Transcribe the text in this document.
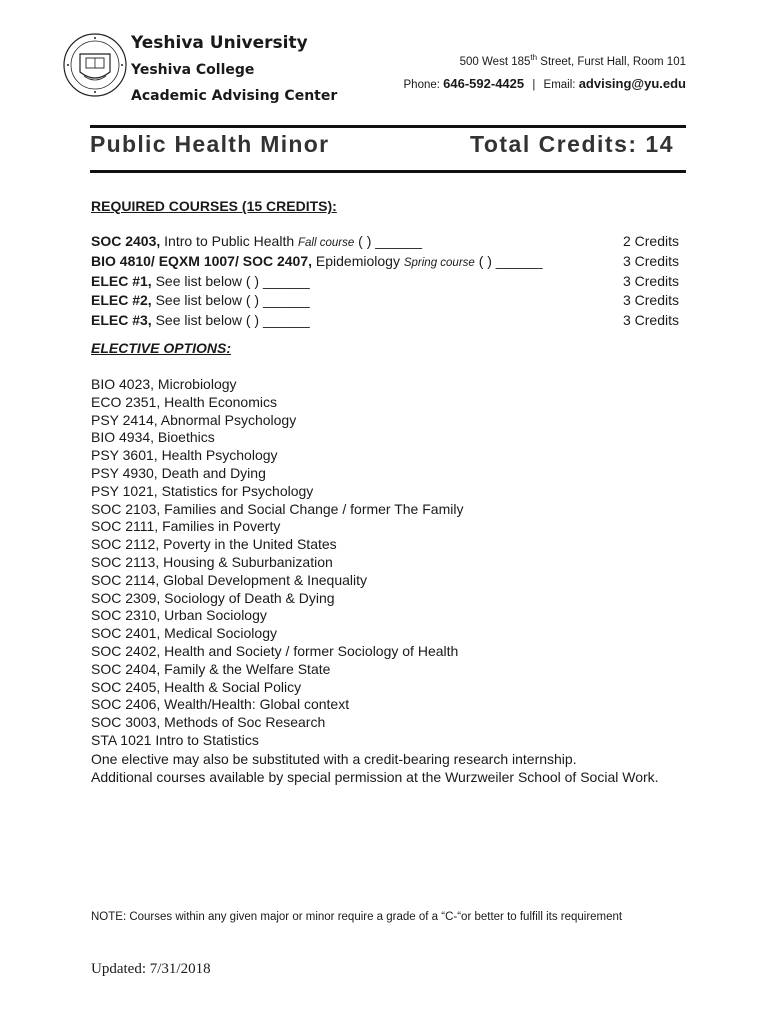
Yeshiva University
Yeshiva College
Academic Advising Center
500 West 185th Street, Furst Hall, Room 101
Phone: 646-592-4425 | Email: advising@yu.edu
Public Health Minor	Total Credits: 14
REQUIRED COURSES (15 CREDITS):
SOC 2403, Intro to Public Health Fall course ( ) ______	2 Credits
BIO 4810/ EQXM 1007/ SOC 2407, Epidemiology Spring course ( ) ______	3 Credits
ELEC #1, See list below ( ) ______	3 Credits
ELEC #2, See list below ( ) ______	3 Credits
ELEC #3, See list below ( ) ______	3 Credits
ELECTIVE OPTIONS:
BIO 4023, Microbiology
ECO 2351, Health Economics
PSY 2414, Abnormal Psychology
BIO 4934, Bioethics
PSY 3601, Health Psychology
PSY 4930, Death and Dying
PSY 1021, Statistics for Psychology
SOC 2103, Families and Social Change / former The Family
SOC 2111, Families in Poverty
SOC 2112, Poverty in the United States
SOC 2113, Housing & Suburbanization
SOC 2114, Global Development & Inequality
SOC 2309, Sociology of Death & Dying
SOC 2310, Urban Sociology
SOC 2401, Medical Sociology
SOC 2402, Health and Society / former Sociology of Health
SOC 2404, Family & the Welfare State
SOC 2405, Health & Social Policy
SOC 2406, Wealth/Health: Global context
SOC 3003, Methods of Soc Research
STA 1021 Intro to Statistics
One elective may also be substituted with a credit-bearing research internship.
Additional courses available by special permission at the Wurzweiler School of Social Work.
NOTE: Courses within any given major or minor require a grade of a “C-“or better to fulfill its requirement
Updated: 7/31/2018
